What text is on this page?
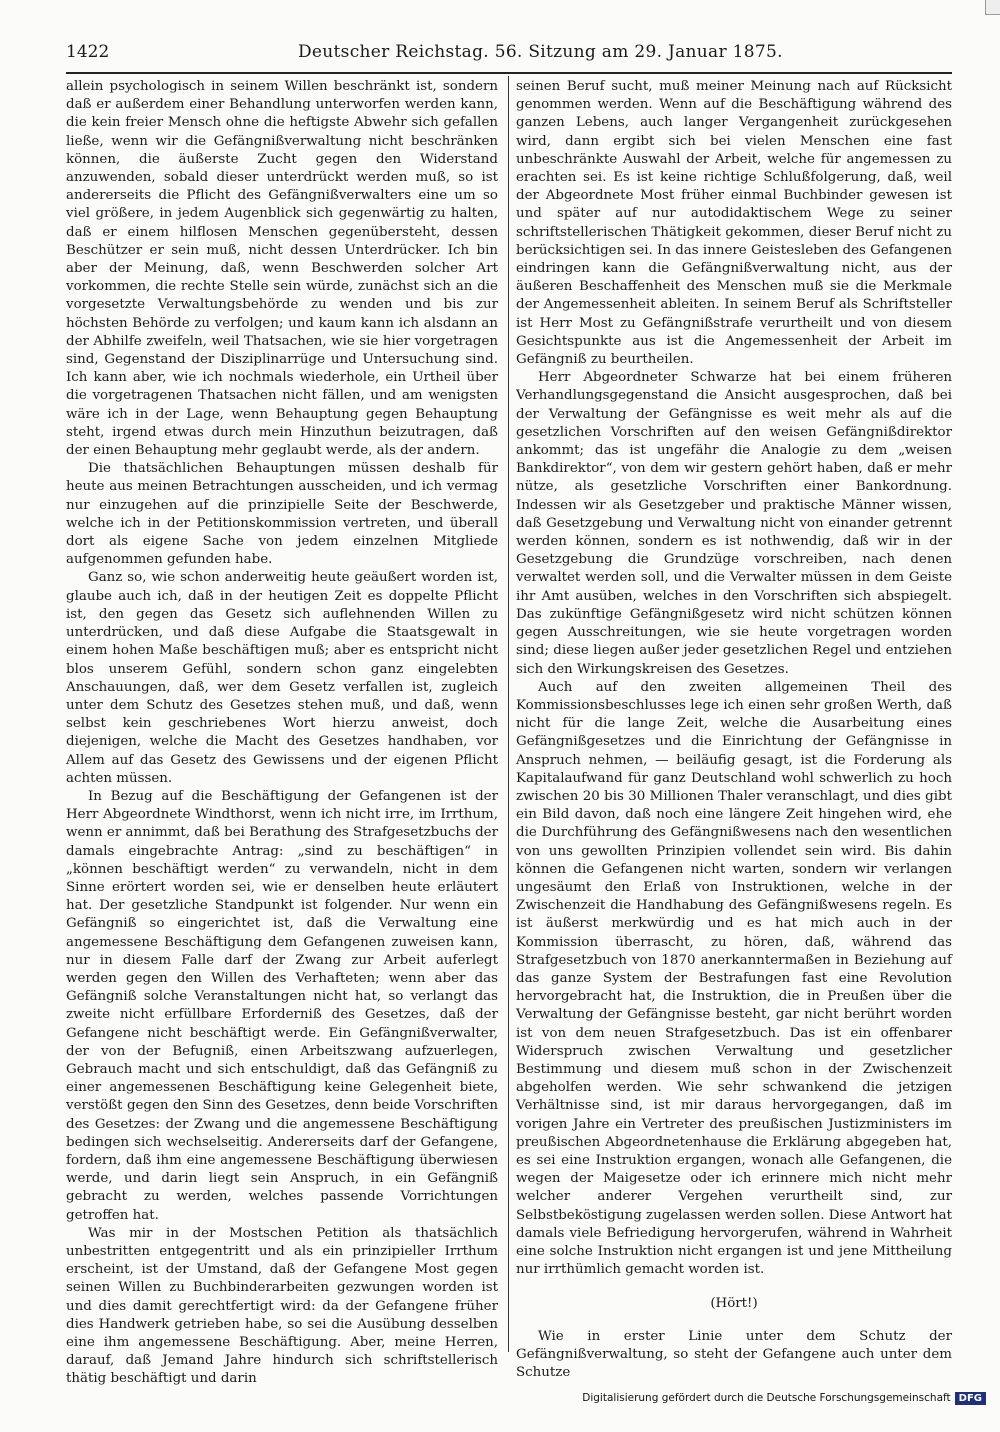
1422	Deutscher Reichstag. 56. Sitzung am 29. Januar 1875.

allein psychologisch in seinem Willen beschränkt ist, sondern daß er außerdem einer Behandlung unterworfen werden kann, die kein freier Mensch ohne die heftigste Abwehr sich gefallen ließe, wenn wir die Gefängnißverwaltung nicht beschränken können, die äußerste Zucht gegen den Widerstand anzuwenden, sobald dieser unterdrückt werden muß, so ist andererseits die Pflicht des Gefängnißverwalters eine um so viel größere, in jedem Augenblick sich gegenwärtig zu halten, daß er einem hilflosen Menschen gegenübersteht, dessen Beschützer er sein muß, nicht dessen Unterdrücker. Ich bin aber der Meinung, daß, wenn Beschwerden solcher Art vorkommen, die rechte Stelle sein würde, zunächst sich an die vorgesetzte Verwaltungsbehörde zu wenden und bis zur höchsten Behörde zu verfolgen; und kaum kann ich alsdann an der Abhilfe zweifeln, weil Thatsachen, wie sie hier vorgetragen sind, Gegenstand der Disziplinarrüge und Untersuchung sind. Ich kann aber, wie ich nochmals wiederhole, ein Urtheil über die vorgetragenen Thatsachen nicht fällen, und am wenigsten wäre ich in der Lage, wenn Behauptung gegen Behauptung steht, irgend etwas durch mein Hinzuthun beizutragen, daß der einen Behauptung mehr geglaubt werde, als der andern.

Die thatsächlichen Behauptungen müssen deshalb für heute aus meinen Betrachtungen ausscheiden, und ich vermag nur einzugehen auf die prinzipielle Seite der Beschwerde, welche ich in der Petitionskommission vertreten, und überall dort als eigene Sache von jedem einzelnen Mitgliede aufgenommen gefunden habe.

Ganz so, wie schon anderweitig heute geäußert worden ist, glaube auch ich, daß in der heutigen Zeit es doppelte Pflicht ist, den gegen das Gesetz sich auflehnenden Willen zu unterdrücken, und daß diese Aufgabe die Staatsgewalt in einem hohen Maße beschäftigen muß; aber es entspricht nicht blos unserem Gefühl, sondern schon ganz eingelebten Anschauungen, daß, wer dem Gesetz verfallen ist, zugleich unter dem Schutz des Gesetzes stehen muß, und daß, wenn selbst kein geschriebenes Wort hierzu anweist, doch diejenigen, welche die Macht des Gesetzes handhaben, vor Allem auf das Gesetz des Gewissens und der eigenen Pflicht achten müssen.

In Bezug auf die Beschäftigung der Gefangenen ist der Herr Abgeordnete Windthorst, wenn ich nicht irre, im Irrthum, wenn er annimmt, daß bei Berathung des Strafgesetzbuchs der damals eingebrachte Antrag: „sind zu beschäftigen“ in „können beschäftigt werden“ zu verwandeln, nicht in dem Sinne erörtert worden sei, wie er denselben heute erläutert hat. Der gesetzliche Standpunkt ist folgender. Nur wenn ein Gefängniß so eingerichtet ist, daß die Verwaltung eine angemessene Beschäftigung dem Gefangenen zuweisen kann, nur in diesem Falle darf der Zwang zur Arbeit auferlegt werden gegen den Willen des Verhafteten; wenn aber das Gefängniß solche Veranstaltungen nicht hat, so verlangt das zweite nicht erfüllbare Erforderniß des Gesetzes, daß der Gefangene nicht beschäftigt werde. Ein Gefängnißverwalter, der von der Befugniß, einen Arbeitszwang aufzuerlegen, Gebrauch macht und sich entschuldigt, daß das Gefängniß zu einer angemessenen Beschäftigung keine Gelegenheit biete, verstößt gegen den Sinn des Gesetzes, denn beide Vorschriften des Gesetzes: der Zwang und die angemessene Beschäftigung bedingen sich wechselseitig. Andererseits darf der Gefangene, fordern, daß ihm eine angemessene Beschäftigung überwiesen werde, und darin liegt sein Anspruch, in ein Gefängniß gebracht zu werden, welches passende Vorrichtungen getroffen hat.

Was mir in der Mostschen Petition als thatsächlich unbestritten entgegentritt und als ein prinzipieller Irrthum erscheint, ist der Umstand, daß der Gefangene Most gegen seinen Willen zu Buchbinderarbeiten gezwungen worden ist und dies damit gerechtfertigt wird: da der Gefangene früher dies Handwerk getrieben habe, so sei die Ausübung desselben eine ihm angemessene Beschäftigung. Aber, meine Herren, darauf, daß Jemand Jahre hindurch sich schriftstellerisch thätig beschäftigt und darin

seinen Beruf sucht, muß meiner Meinung nach auf Rücksicht genommen werden. Wenn auf die Beschäftigung während des ganzen Lebens, auch langer Vergangenheit zurückgesehen wird, dann ergibt sich bei vielen Menschen eine fast unbeschränkte Auswahl der Arbeit, welche für angemessen zu erachten sei. Es ist keine richtige Schlußfolgerung, daß, weil der Abgeordnete Most früher einmal Buchbinder gewesen ist und später auf nur autodidaktischem Wege zu seiner schriftstellerischen Thätigkeit gekommen, dieser Beruf nicht zu berücksichtigen sei. In das innere Geistesleben des Gefangenen eindringen kann die Gefängnißverwaltung nicht, aus der äußeren Beschaffenheit des Menschen muß sie die Merkmale der Angemessenheit ableiten. In seinem Beruf als Schriftsteller ist Herr Most zu Gefängnißstrafe verurtheilt und von diesem Gesichtspunkte aus ist die Angemessenheit der Arbeit im Gefängniß zu beurtheilen.

Herr Abgeordneter Schwarze hat bei einem früheren Verhandlungsgegenstand die Ansicht ausgesprochen, daß bei der Verwaltung der Gefängnisse es weit mehr als auf die gesetzlichen Vorschriften auf den weisen Gefängnißdirektor ankommt; das ist ungefähr die Analogie zu dem „weisen Bankdirektor“, von dem wir gestern gehört haben, daß er mehr nütze, als gesetzliche Vorschriften einer Bankordnung. Indessen wir als Gesetzgeber und praktische Männer wissen, daß Gesetzgebung und Verwaltung nicht von einander getrennt werden können, sondern es ist nothwendig, daß wir in der Gesetzgebung die Grundzüge vorschreiben, nach denen verwaltet werden soll, und die Verwalter müssen in dem Geiste ihr Amt ausüben, welches in den Vorschriften sich abspiegelt. Das zukünftige Gefängnißgesetz wird nicht schützen können gegen Ausschreitungen, wie sie heute vorgetragen worden sind; diese liegen außer jeder gesetzlichen Regel und entziehen sich den Wirkungskreisen des Gesetzes.

Auch auf den zweiten allgemeinen Theil des Kommissionsbeschlusses lege ich einen sehr großen Werth, daß nicht für die lange Zeit, welche die Ausarbeitung eines Gefängnißgesetzes und die Einrichtung der Gefängnisse in Anspruch nehmen, — beiläufig gesagt, ist die Forderung als Kapitalaufwand für ganz Deutschland wohl schwerlich zu hoch zwischen 20 bis 30 Millionen Thaler veranschlagt, und dies gibt ein Bild davon, daß noch eine längere Zeit hingehen wird, ehe die Durchführung des Gefängnißwesens nach den wesentlichen von uns gewollten Prinzipien vollendet sein wird. Bis dahin können die Gefangenen nicht warten, sondern wir verlangen ungesäumt den Erlaß von Instruktionen, welche in der Zwischenzeit die Handhabung des Gefängnißwesens regeln. Es ist äußerst merkwürdig und es hat mich auch in der Kommission überrascht, zu hören, daß, während das Strafgesetzbuch von 1870 anerkanntermaßen in Beziehung auf das ganze System der Bestrafungen fast eine Revolution hervorgebracht hat, die Instruktion, die in Preußen über die Verwaltung der Gefängnisse besteht, gar nicht berührt worden ist von dem neuen Strafgesetzbuch. Das ist ein offenbarer Widerspruch zwischen Verwaltung und gesetzlicher Bestimmung und diesem muß schon in der Zwischenzeit abgeholfen werden. Wie sehr schwankend die jetzigen Verhältnisse sind, ist mir daraus hervorgegangen, daß im vorigen Jahre ein Vertreter des preußischen Justizministers im preußischen Abgeordnetenhause die Erklärung abgegeben hat, es sei eine Instruktion ergangen, wonach alle Gefangenen, die wegen der Maigesetze oder ich erinnere mich nicht mehr welcher anderer Vergehen verurtheilt sind, zur Selbstbeköstigung zugelassen werden sollen. Diese Antwort hat damals viele Befriedigung hervorgerufen, während in Wahrheit eine solche Instruktion nicht ergangen ist und jene Mittheilung nur irrthümlich gemacht worden ist.

(Hört!)

Wie in erster Linie unter dem Schutz der Gefängnißverwaltung, so steht der Gefangene auch unter dem Schutze

Digitalisierung gefördert durch die Deutsche Forschungsgemeinschaft DFG
